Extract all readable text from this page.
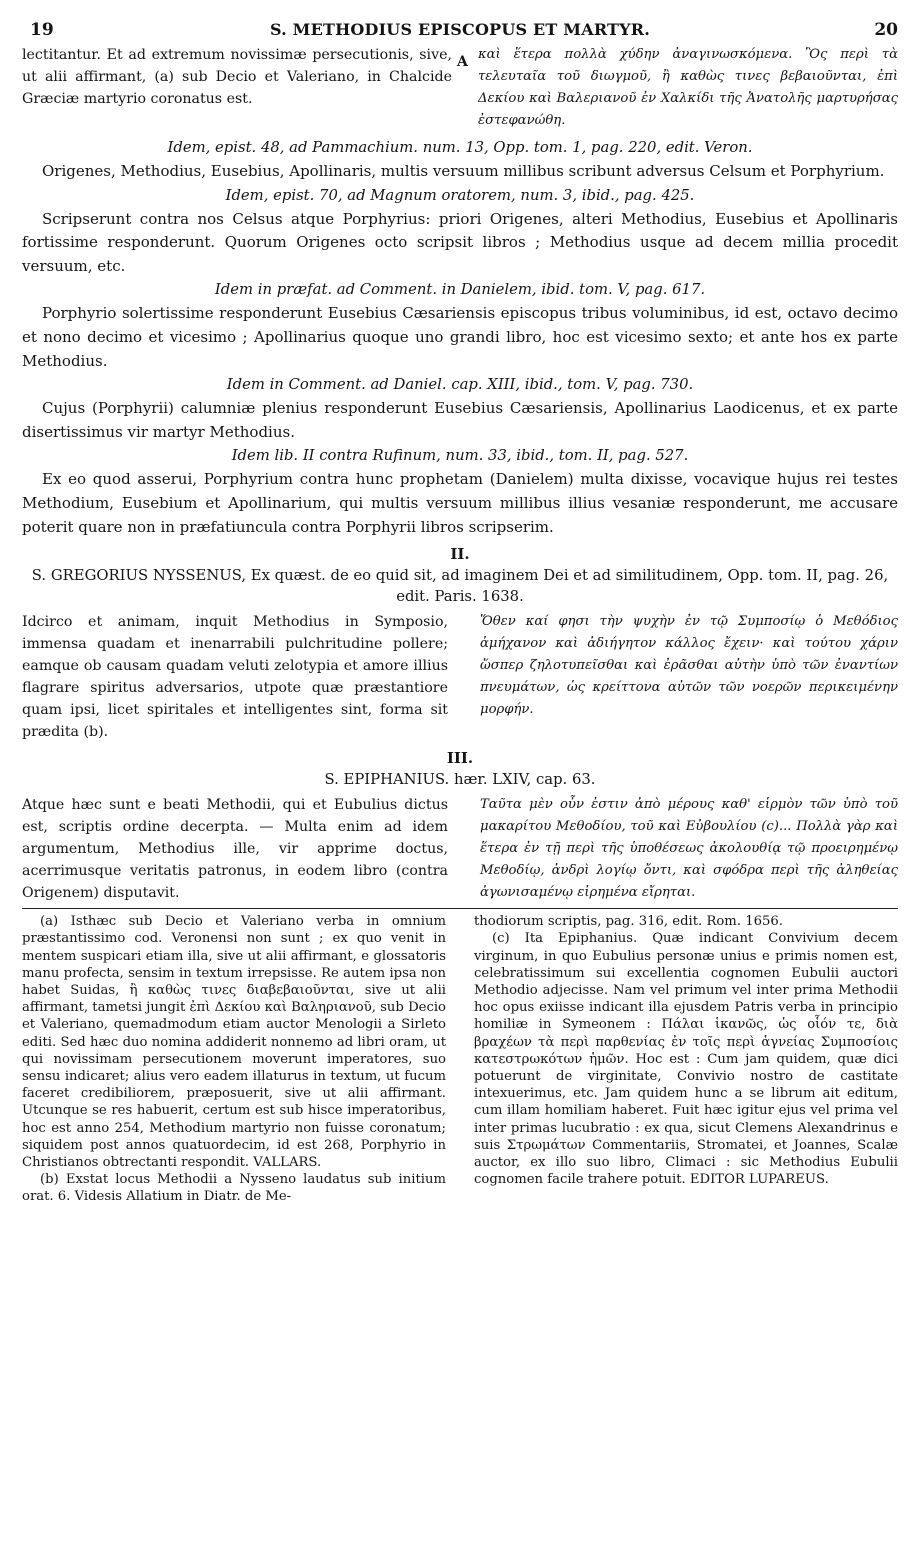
19	S. METHODIUS EPISCOPUS ET MARTYR.	20
A

lectitantur. Et ad extremum novissimæ persecutionis, sive, ut alii affirmant, (a) sub Decio et Valeriano, in Chalcide Græciæ martyrio coronatus est.

καὶ ἕτερα πολλὰ χύδην ἀναγινωσκόμενα. Ὃς περὶ τὰ τελευταῖα τοῦ διωγμοῦ, ἢ καθὼς τινες βεβαιοῦνται, ἐπὶ Δεκίου καὶ Βαλεριανοῦ ἐν Χαλκίδι τῆς Ἀνατολῆς μαρτυρήσας ἐστεφανώθη.

Idem, epist. 48, ad Pammachium. num. 13, Opp. tom. 1, pag. 220, edit. Veron.

Origenes, Methodius, Eusebius, Apollinaris, multis versuum millibus scribunt adversus Celsum et Porphyrium.

Idem, epist. 70, ad Magnum oratorem, num. 3, ibid., pag. 425.

Scripserunt contra nos Celsus atque Porphyrius: priori Origenes, alteri Methodius, Eusebius et Apollinaris fortissime responderunt. Quorum Origenes octo scripsit libros ; Methodius usque ad decem millia procedit versuum, etc.

Idem in præfat. ad Comment. in Danielem, ibid. tom. V, pag. 617.

Porphyrio solertissime responderunt Eusebius Cæsariensis episcopus tribus voluminibus, id est, octavo decimo et nono decimo et vicesimo ; Apollinarius quoque uno grandi libro, hoc est vicesimo sexto; et ante hos ex parte Methodius.

Idem in Comment. ad Daniel. cap. XIII, ibid., tom. V, pag. 730.

Cujus (Porphyrii) calumniæ plenius responderunt Eusebius Cæsariensis, Apollinarius Laodicenus, et ex parte disertissimus vir martyr Methodius.

Idem lib. II contra Rufinum, num. 33, ibid., tom. II, pag. 527.

Ex eo quod asserui, Porphyrium contra hunc prophetam (Danielem) multa dixisse, vocavique hujus rei testes Methodium, Eusebium et Apollinarium, qui multis versuum millibus illius vesaniæ responderunt, me accusare poterit quare non in præfatiuncula contra Porphyrii libros scripserim.

II.

S. GREGORIUS NYSSENUS, Ex quæst. de eo quid sit, ad imaginem Dei et ad similitudinem, Opp. tom. II, pag. 26, edit. Paris. 1638.

Idcirco et animam, inquit Methodius in Symposio, immensa quadam et inenarrabili pulchritudine pollere; eamque ob causam quadam veluti zelotypia et amore illius flagrare spiritus adversarios, utpote quæ præstantiore quam ipsi, licet spiritales et intelligentes sint, forma sit prædita (b).

Ὅθεν καί φησι τὴν ψυχὴν ἐν τῷ Συμποσίῳ ὁ Μεθόδιος ἀμήχανον καὶ ἀδιήγητον κάλλος ἔχειν· καὶ τούτου χάριν ὥσπερ ζηλοτυπεῖσθαι καὶ ἐρᾶσθαι αὐτὴν ὑπὸ τῶν ἐναντίων πνευμάτων, ὡς κρείττονα αὐτῶν τῶν νοερῶν περικειμένην μορφήν.

III.

S. EPIPHANIUS. hær. LXIV, cap. 63.

Atque hæc sunt e beati Methodii, qui et Eubulius dictus est, scriptis ordine decerpta. — Multa enim ad idem argumentum, Methodius ille, vir apprime doctus, acerrimusque veritatis patronus, in eodem libro (contra Origenem) disputavit.

Ταῦτα μὲν οὖν ἐστιν ἀπὸ μέρους καθ' εἱρμὸν τῶν ὑπὸ τοῦ μακαρίτου Μεθοδίου, τοῦ καὶ Εὐβουλίου (c)... Πολλὰ γὰρ καὶ ἕτερα ἐν τῇ περὶ τῆς ὑποθέσεως ἀκολουθίᾳ τῷ προειρημένῳ Μεθοδίῳ, ἀνδρὶ λογίῳ ὄντι, καὶ σφόδρα περὶ τῆς ἀληθείας ἀγωνισαμένῳ εἰρημένα εἴρηται.

(a) Isthæc sub Decio et Valeriano verba in omnium præstantissimo cod. Veronensi non sunt ; ex quo venit in mentem suspicari etiam illa, sive ut alii affirmant, e glossatoris manu profecta, sensim in textum irrepsisse. Re autem ipsa non habet Suidas, ἢ καθὼς τινες διαβεβαιοῦνται, sive ut alii affirmant, tametsi jungit ἐπὶ Δεκίου καὶ Βαληριανοῦ, sub Decio et Valeriano, quemadmodum etiam auctor Menologii a Sirleto editi. Sed hæc duo nomina addiderit nonnemo ad libri oram, ut qui novissimam persecutionem moverunt imperatores, suo sensu indicaret; alius vero eadem illaturus in textum, ut fucum faceret credibiliorem, præposuerit, sive ut alii affirmant. Utcunque se res habuerit, certum est sub hisce imperatoribus, hoc est anno 254, Methodium martyrio non fuisse coronatum; siquidem post annos quatuordecim, id est 268, Porphyrio in Christianos obtrectanti respondit. VALLARS.

(b) Exstat locus Methodii a Nysseno laudatus sub initium orat. 6. Videsis Allatium in Diatr. de Me-

thodiorum scriptis, pag. 316, edit. Rom. 1656.

(c) Ita Epiphanius. Quæ indicant Convivium decem virginum, in quo Eubulius personæ unius e primis nomen est, celebratissimum sui excellentia cognomen Eubulii auctori Methodio adjecisse. Nam vel primum vel inter prima Methodii hoc opus exiisse indicant illa ejusdem Patris verba in principio homiliæ in Symeonem : Πάλαι ἱκανῶς, ὡς οἷόν τε, διὰ βραχέων τὰ περὶ παρθενίας ἐν τοῖς περὶ ἁγνείας Συμποσίοις κατεστρωκότων ἡμῶν. Hoc est : Cum jam quidem, quæ dici potuerunt de virginitate, Convivio nostro de castitate intexuerimus, etc. Jam quidem hunc a se librum ait editum, cum illam homiliam haberet. Fuit hæc igitur ejus vel prima vel inter primas lucubratio : ex qua, sicut Clemens Alexandrinus e suis Στρωμάτων Commentariis, Stromatei, et Joannes, Scalæ auctor, ex illo suo libro, Climaci : sic Methodius Eubulii cognomen facile trahere potuit. EDITOR LUPAREUS.
